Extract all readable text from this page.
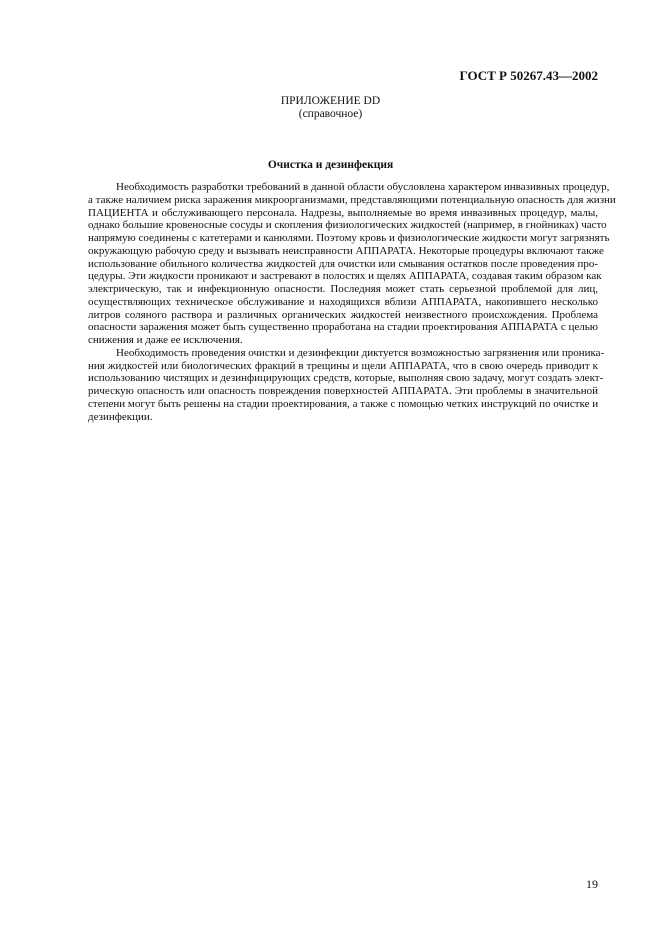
ГОСТ Р 50267.43—2002
ПРИЛОЖЕНИЕ DD
(справочное)
Очистка и дезинфекция
Необходимость разработки требований в данной области обусловлена характером инвазивных процедур,
а также наличием риска заражения микроорганизмами, представляющими потенциальную опасность для жизни
ПАЦИЕНТА и обслуживающего персонала. Надрезы, выполняемые во время инвазивных процедур, малы,
однако большие кровеносные сосуды и скопления физиологических жидкостей (например, в гнойниках) часто
напрямую соединены с катетерами и канюлями. Поэтому кровь и физиологические жидкости могут загрязнять
окружающую рабочую среду и вызывать неисправности АППАРАТА. Некоторые процедуры включают также
использование обильного количества жидкостей для очистки или смывания остатков после проведения про-
цедуры. Эти жидкости проникают и застревают в полостях и щелях АППАРАТА, создавая таким образом как
электрическую, так и инфекционную опасности. Последняя может стать серьезной проблемой для лиц,
осуществляющих техническое обслуживание и находящихся вблизи АППАРАТА, накопившего несколько
литров соляного раствора и различных органических жидкостей неизвестного происхождения. Проблема
опасности заражения может быть существенно проработана на стадии проектирования АППАРАТА с целью
снижения и даже ее исключения.
Необходимость проведения очистки и дезинфекции диктуется возможностью загрязнения или проника-
ния жидкостей или биологических фракций в трещины и щели АППАРАТА, что в свою очередь приводит к
использованию чистящих и дезинфицирующих средств, которые, выполняя свою задачу, могут создать элект-
рическую опасность или опасность повреждения поверхностей АППАРАТА. Эти проблемы в значительной
степени могут быть решены на стадии проектирования, а также с помощью четких инструкций по очистке и
дезинфекции.
19
